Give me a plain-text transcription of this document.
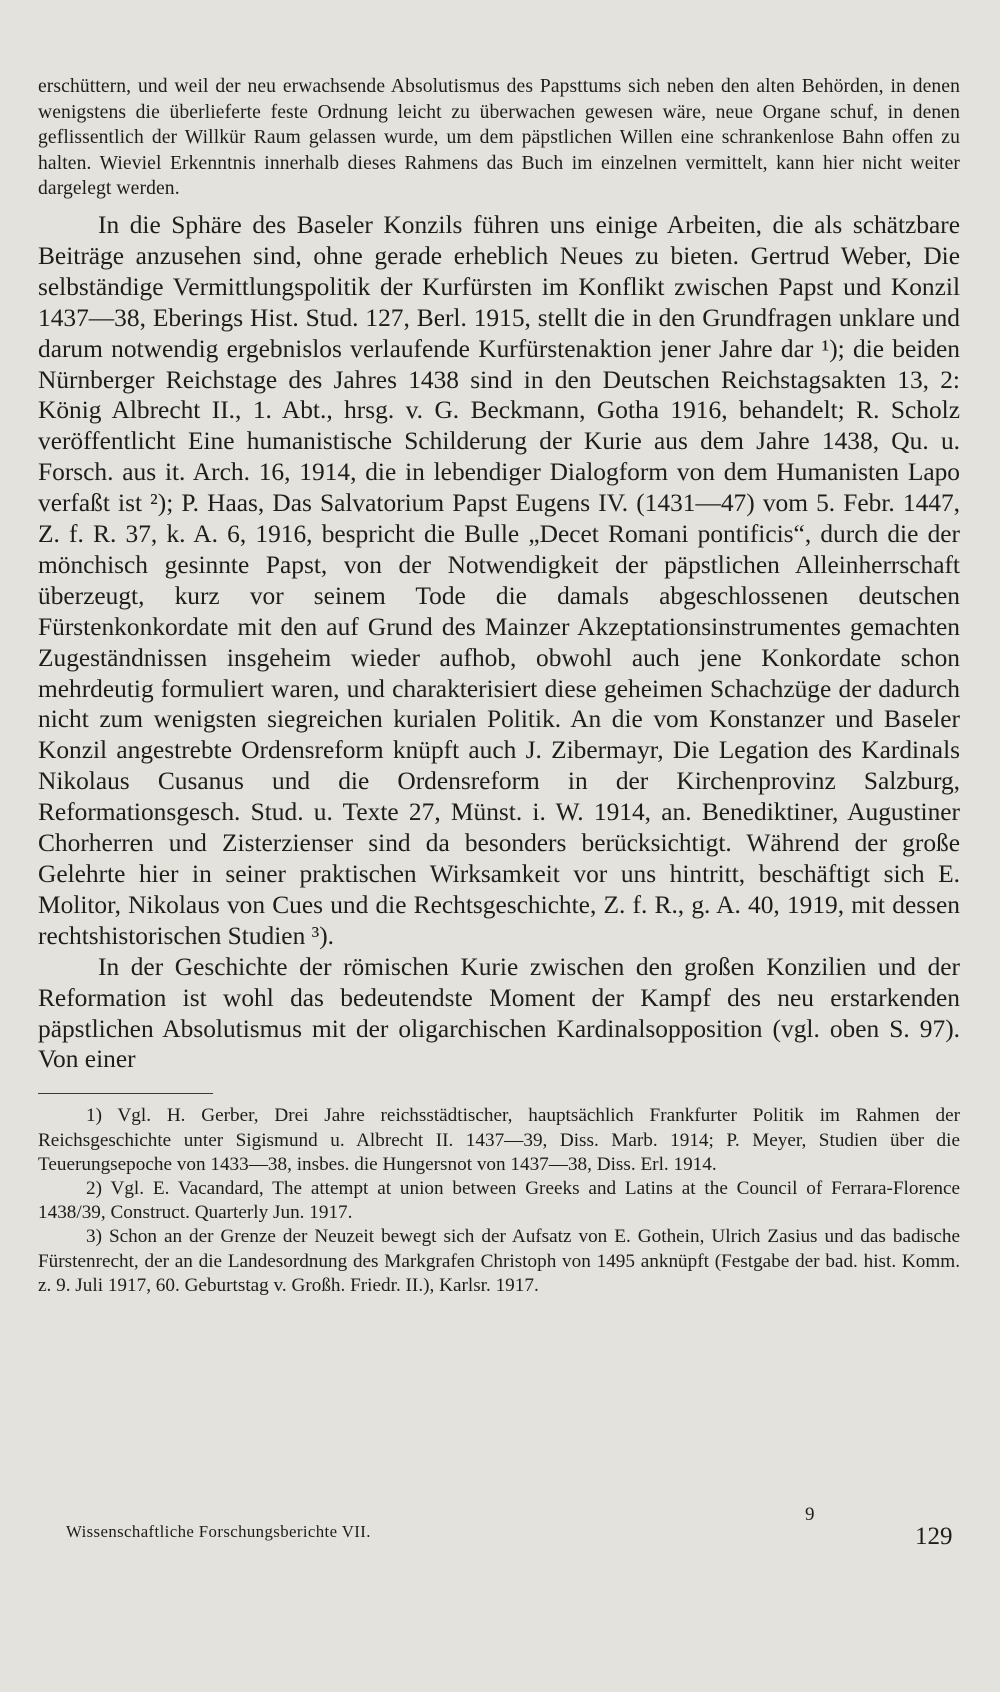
erschüttern, und weil der neu erwachsende Absolutismus des Papsttums sich neben den alten Behörden, in denen wenigstens die überlieferte feste Ordnung leicht zu überwachen gewesen wäre, neue Organe schuf, in denen geflissentlich der Willkür Raum gelassen wurde, um dem päpstlichen Willen eine schrankenlose Bahn offen zu halten. Wieviel Erkenntnis innerhalb dieses Rahmens das Buch im einzelnen vermittelt, kann hier nicht weiter dargelegt werden.

In die Sphäre des Baseler Konzils führen uns einige Arbeiten, die als schätzbare Beiträge anzusehen sind, ohne gerade erheblich Neues zu bieten. Gertrud Weber, Die selbständige Vermittlungspolitik der Kurfürsten im Konflikt zwischen Papst und Konzil 1437—38, Eberings Hist. Stud. 127, Berl. 1915, stellt die in den Grundfragen unklare und darum notwendig ergebnislos verlaufende Kurfürstenaktion jener Jahre dar ¹); die beiden Nürnberger Reichstage des Jahres 1438 sind in den Deutschen Reichstagsakten 13, 2: König Albrecht II., 1. Abt., hrsg. v. G. Beckmann, Gotha 1916, behandelt; R. Scholz veröffentlicht Eine humanistische Schilderung der Kurie aus dem Jahre 1438, Qu. u. Forsch. aus it. Arch. 16, 1914, die in lebendiger Dialogform von dem Humanisten Lapo verfaßt ist ²); P. Haas, Das Salvatorium Papst Eugens IV. (1431—47) vom 5. Febr. 1447, Z. f. R. 37, k. A. 6, 1916, bespricht die Bulle „Decet Romani pontificis“, durch die der mönchisch gesinnte Papst, von der Notwendigkeit der päpstlichen Alleinherrschaft überzeugt, kurz vor seinem Tode die damals abgeschlossenen deutschen Fürstenkonkordate mit den auf Grund des Mainzer Akzeptationsinstrumentes gemachten Zugeständnissen insgeheim wieder aufhob, obwohl auch jene Konkordate schon mehrdeutig formuliert waren, und charakterisiert diese geheimen Schachzüge der dadurch nicht zum wenigsten siegreichen kurialen Politik. An die vom Konstanzer und Baseler Konzil angestrebte Ordensreform knüpft auch J. Zibermayr, Die Legation des Kardinals Nikolaus Cusanus und die Ordensreform in der Kirchenprovinz Salzburg, Reformationsgesch. Stud. u. Texte 27, Münst. i. W. 1914, an. Benediktiner, Augustiner Chorherren und Zisterzienser sind da besonders berücksichtigt. Während der große Gelehrte hier in seiner praktischen Wirksamkeit vor uns hintritt, beschäftigt sich E. Molitor, Nikolaus von Cues und die Rechtsgeschichte, Z. f. R., g. A. 40, 1919, mit dessen rechtshistorischen Studien ³).

In der Geschichte der römischen Kurie zwischen den großen Konzilien und der Reformation ist wohl das bedeutendste Moment der Kampf des neu erstarkenden päpstlichen Absolutismus mit der oligarchischen Kardinalsopposition (vgl. oben S. 97). Von einer

1) Vgl. H. Gerber, Drei Jahre reichsstädtischer, hauptsächlich Frankfurter Politik im Rahmen der Reichsgeschichte unter Sigismund u. Albrecht II. 1437—39, Diss. Marb. 1914; P. Meyer, Studien über die Teuerungsepoche von 1433—38, insbes. die Hungersnot von 1437—38, Diss. Erl. 1914.

2) Vgl. E. Vacandard, The attempt at union between Greeks and Latins at the Council of Ferrara-Florence 1438/39, Construct. Quarterly Jun. 1917.

3) Schon an der Grenze der Neuzeit bewegt sich der Aufsatz von E. Gothein, Ulrich Zasius und das badische Fürstenrecht, der an die Landesordnung des Markgrafen Christoph von 1495 anknüpft (Festgabe der bad. hist. Komm. z. 9. Juli 1917, 60. Geburtstag v. Großh. Friedr. II.), Karlsr. 1917.

Wissenschaftliche Forschungsberichte VII.
9
129
